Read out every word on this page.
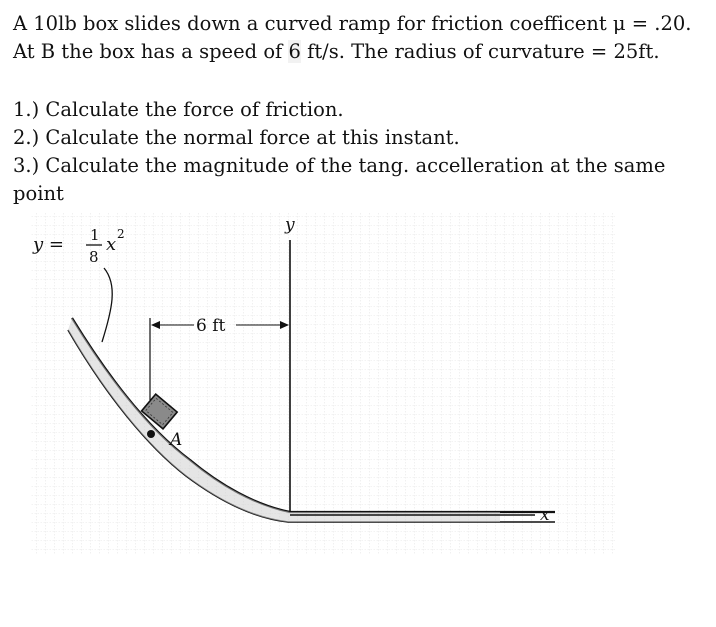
A 10lb box slides down a curved ramp for friction coefficent μ = .20.

At B the box has a speed of 6 ft/s. The radius of curvature = 25ft.

1.) Calculate the force of friction.

2.) Calculate the normal force at this instant.

3.) Calculate the magnitude of the tang. accelleration at the same point

y = 1
8
x 2	y
x
6 ft
A
